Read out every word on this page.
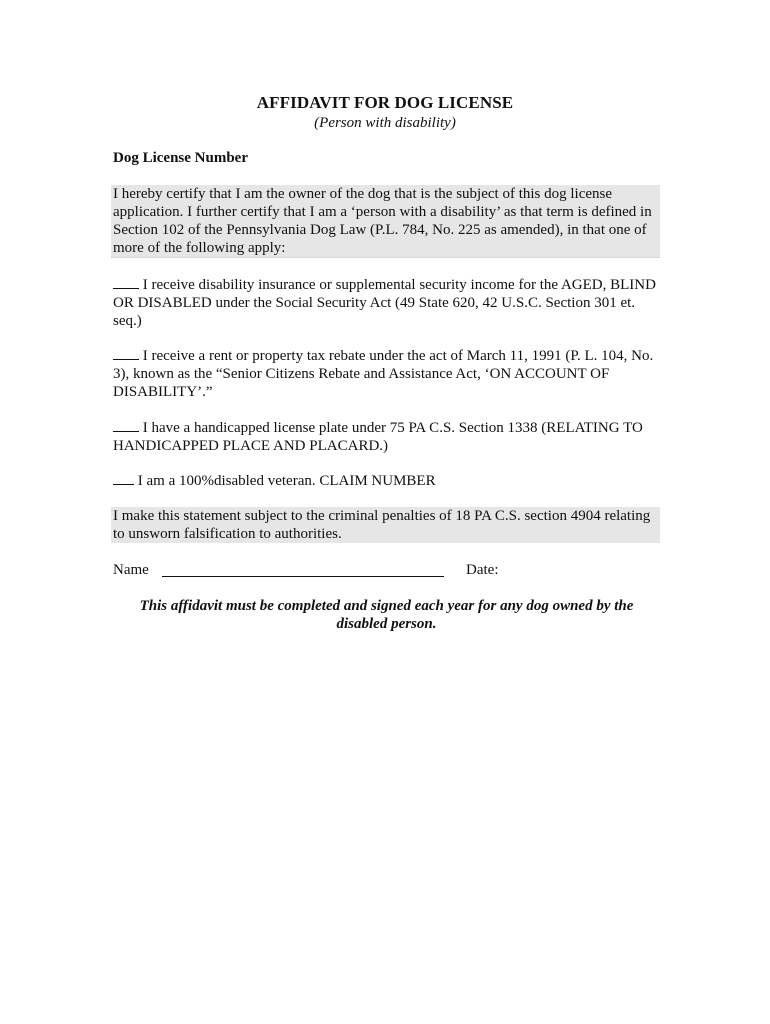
AFFIDAVIT FOR DOG LICENSE
(Person with disability)
Dog License Number
I hereby certify that I am the owner of the dog that is the subject of this dog license application. I further certify that I am a ‘person with a disability’ as that term is defined in Section 102 of the Pennsylvania Dog Law (P.L. 784, No. 225 as amended), in that one of more of the following apply:
I receive disability insurance or supplemental security income for the AGED, BLIND OR DISABLED under the Social Security Act (49 State 620, 42 U.S.C. Section 301 et. seq.)
I receive a rent or property tax rebate under the act of March 11, 1991 (P. L. 104, No. 3), known as the “Senior Citizens Rebate and Assistance Act, ‘ON ACCOUNT OF DISABILITY’.”
I have a handicapped license plate under 75 PA C.S. Section 1338 (RELATING TO HANDICAPPED PLACE AND PLACARD.)
I am a 100%disabled veteran. CLAIM NUMBER
I make this statement subject to the criminal penalties of 18 PA C.S. section 4904 relating to unsworn falsification to authorities.
Name	Date:
This affidavit must be completed and signed each year for any dog owned by the disabled person.
